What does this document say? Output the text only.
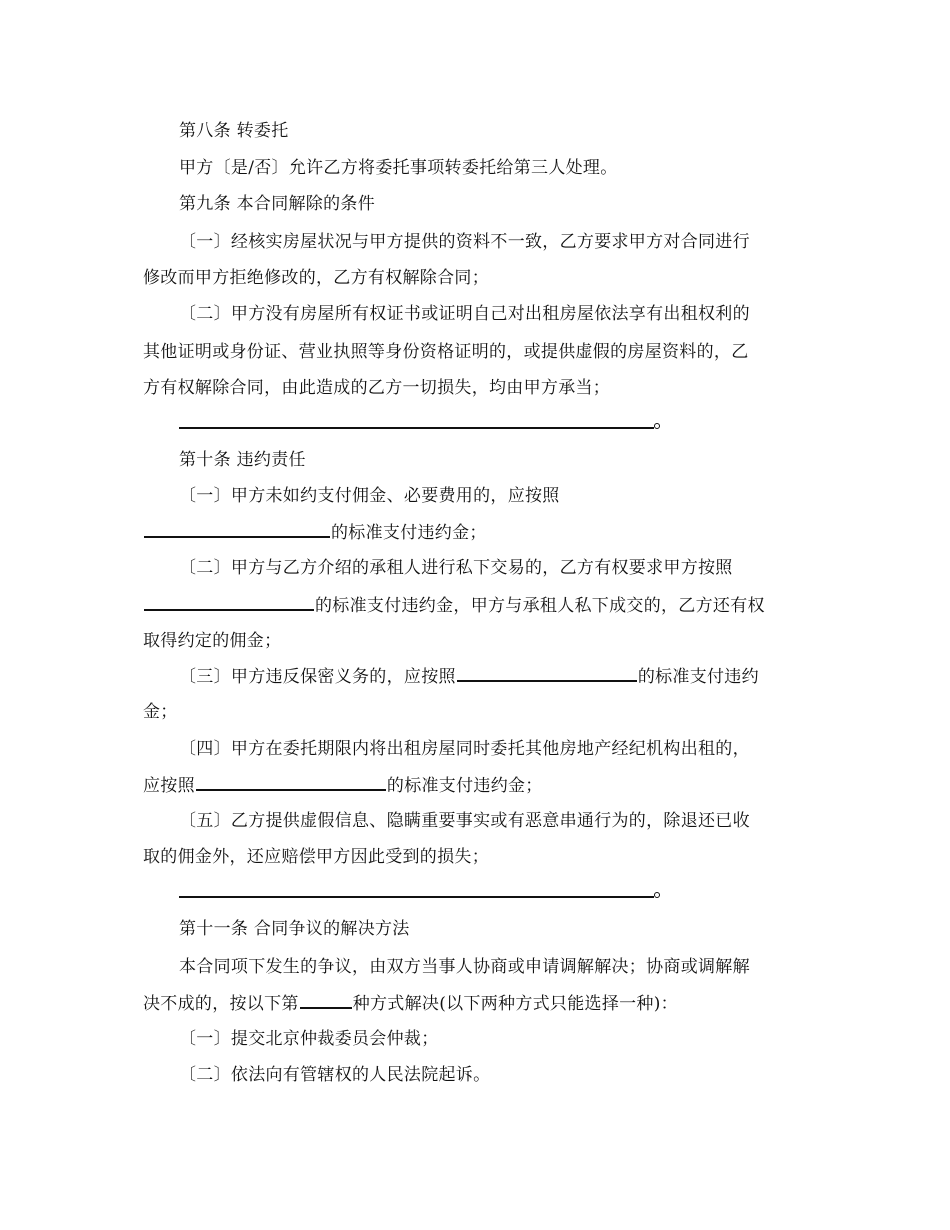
第八条 转委托
甲方〔是/否〕允许乙方将委托事项转委托给第三人处理。
第九条 本合同解除的条件
〔一〕经核实房屋状况与甲方提供的资料不一致，乙方要求甲方对合同进行
修改而甲方拒绝修改的，乙方有权解除合同；
〔二〕甲方没有房屋所有权证书或证明自己对出租房屋依法享有出租权利的
其他证明或身份证、营业执照等身份资格证明的，或提供虚假的房屋资料的，乙
方有权解除合同，由此造成的乙方一切损失，均由甲方承当；
第十条 违约责任
〔一〕甲方未如约支付佣金、必要费用的，应按照
的标准支付违约金；
〔二〕甲方与乙方介绍的承租人进行私下交易的，乙方有权要求甲方按照
的标准支付违约金，甲方与承租人私下成交的，乙方还有权
取得约定的佣金；
〔三〕甲方违反保密义务的，应按照	的标准支付违约
金；
〔四〕甲方在委托期限内将出租房屋同时委托其他房地产经纪机构出租的，
应按照	的标准支付违约金；
〔五〕乙方提供虚假信息、隐瞒重要事实或有恶意串通行为的，除退还已收
取的佣金外，还应赔偿甲方因此受到的损失；
第十一条 合同争议的解决方法
本合同项下发生的争议，由双方当事人协商或申请调解解决；协商或调解解
决不成的，按以下第	种方式解决(以下两种方式只能选择一种)：
〔一〕提交北京仲裁委员会仲裁；
〔二〕依法向有管辖权的人民法院起诉。
